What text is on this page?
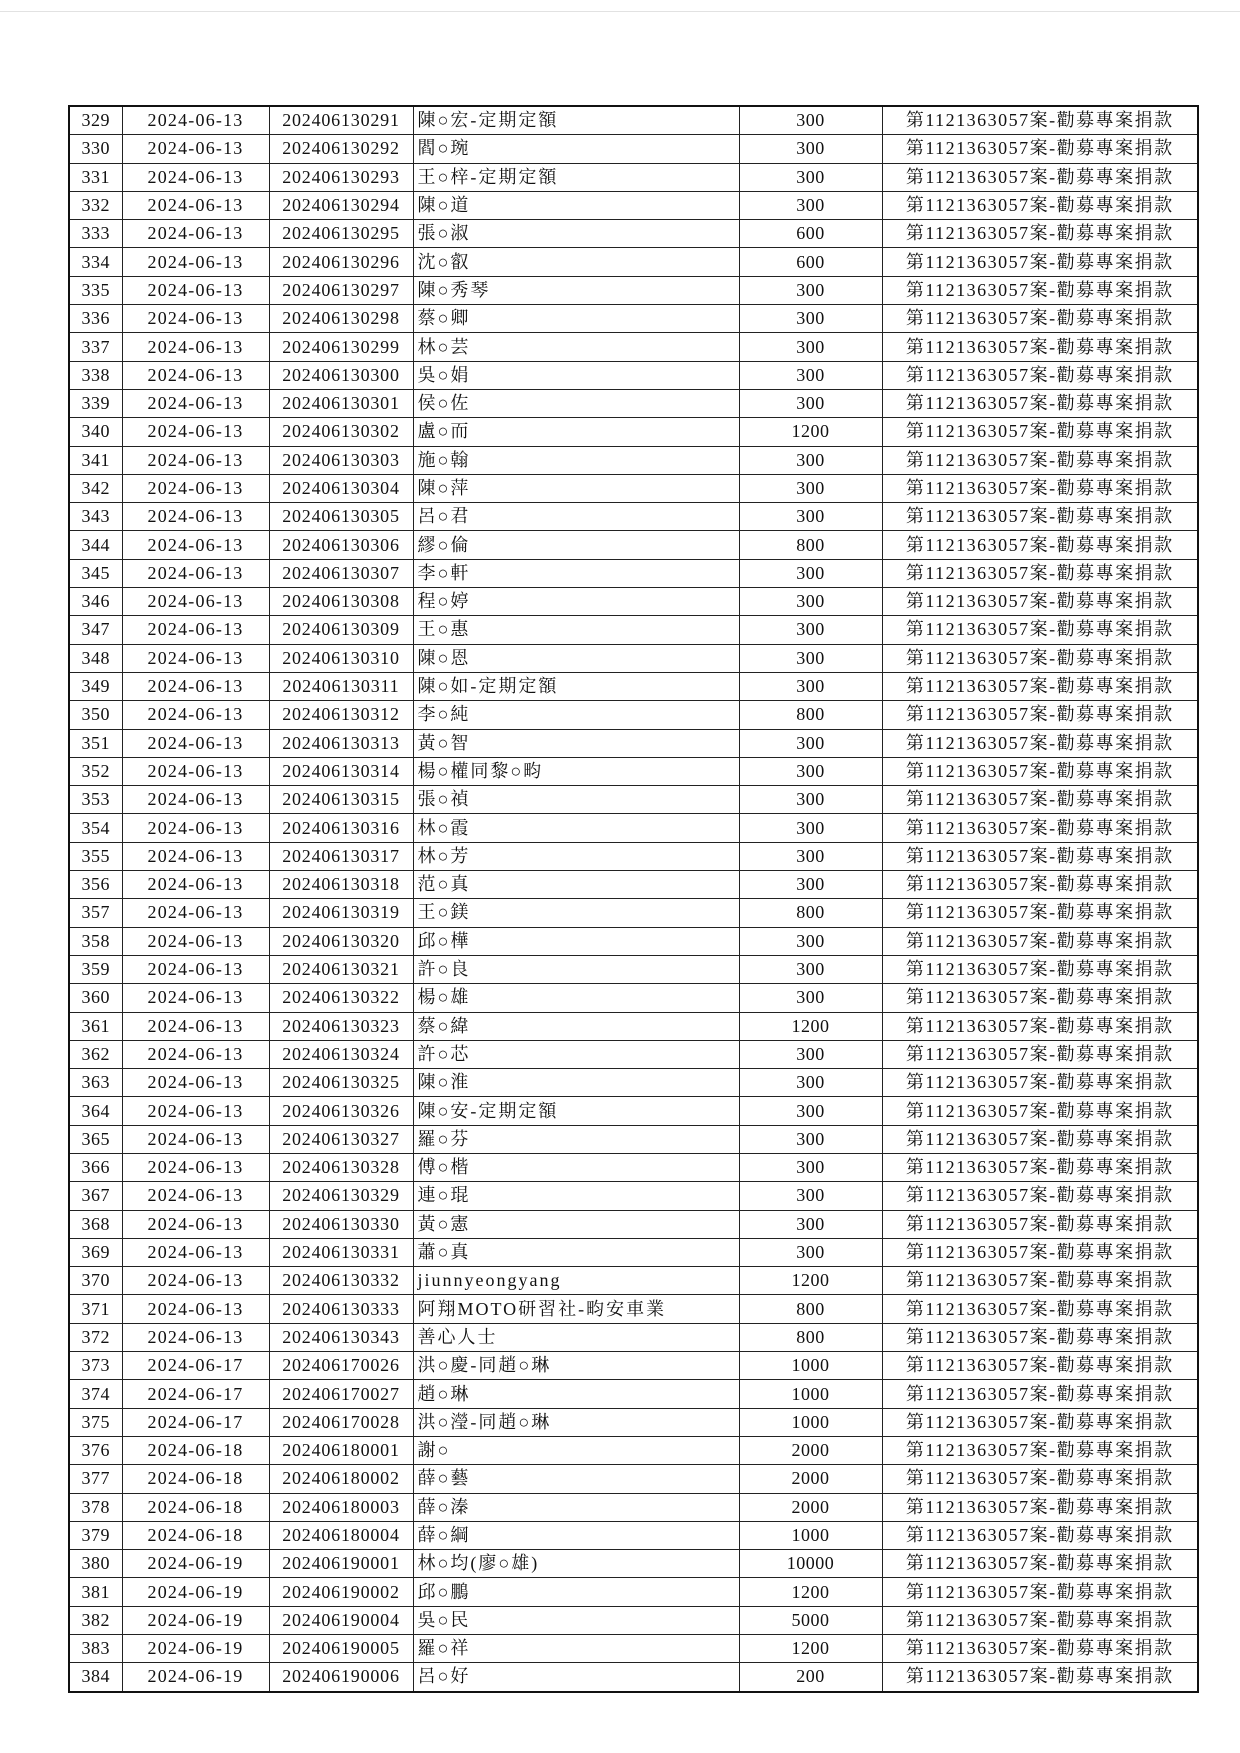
329	2024-06-13	202406130291	陳○宏-定期定額	300	第1121363057案-勸募專案捐款
330	2024-06-13	202406130292	閻○琬	300	第1121363057案-勸募專案捐款
331	2024-06-13	202406130293	王○梓-定期定額	300	第1121363057案-勸募專案捐款
332	2024-06-13	202406130294	陳○道	300	第1121363057案-勸募專案捐款
333	2024-06-13	202406130295	張○淑	600	第1121363057案-勸募專案捐款
334	2024-06-13	202406130296	沈○叡	600	第1121363057案-勸募專案捐款
335	2024-06-13	202406130297	陳○秀琴	300	第1121363057案-勸募專案捐款
336	2024-06-13	202406130298	蔡○卿	300	第1121363057案-勸募專案捐款
337	2024-06-13	202406130299	林○芸	300	第1121363057案-勸募專案捐款
338	2024-06-13	202406130300	吳○娟	300	第1121363057案-勸募專案捐款
339	2024-06-13	202406130301	侯○佐	300	第1121363057案-勸募專案捐款
340	2024-06-13	202406130302	盧○而	1200	第1121363057案-勸募專案捐款
341	2024-06-13	202406130303	施○翰	300	第1121363057案-勸募專案捐款
342	2024-06-13	202406130304	陳○萍	300	第1121363057案-勸募專案捐款
343	2024-06-13	202406130305	呂○君	300	第1121363057案-勸募專案捐款
344	2024-06-13	202406130306	繆○倫	800	第1121363057案-勸募專案捐款
345	2024-06-13	202406130307	李○軒	300	第1121363057案-勸募專案捐款
346	2024-06-13	202406130308	程○婷	300	第1121363057案-勸募專案捐款
347	2024-06-13	202406130309	王○惠	300	第1121363057案-勸募專案捐款
348	2024-06-13	202406130310	陳○恩	300	第1121363057案-勸募專案捐款
349	2024-06-13	202406130311	陳○如-定期定額	300	第1121363057案-勸募專案捐款
350	2024-06-13	202406130312	李○純	800	第1121363057案-勸募專案捐款
351	2024-06-13	202406130313	黃○智	300	第1121363057案-勸募專案捐款
352	2024-06-13	202406130314	楊○權同黎○畇	300	第1121363057案-勸募專案捐款
353	2024-06-13	202406130315	張○禎	300	第1121363057案-勸募專案捐款
354	2024-06-13	202406130316	林○霞	300	第1121363057案-勸募專案捐款
355	2024-06-13	202406130317	林○芳	300	第1121363057案-勸募專案捐款
356	2024-06-13	202406130318	范○真	300	第1121363057案-勸募專案捐款
357	2024-06-13	202406130319	王○鎂	800	第1121363057案-勸募專案捐款
358	2024-06-13	202406130320	邱○樺	300	第1121363057案-勸募專案捐款
359	2024-06-13	202406130321	許○良	300	第1121363057案-勸募專案捐款
360	2024-06-13	202406130322	楊○雄	300	第1121363057案-勸募專案捐款
361	2024-06-13	202406130323	蔡○緯	1200	第1121363057案-勸募專案捐款
362	2024-06-13	202406130324	許○芯	300	第1121363057案-勸募專案捐款
363	2024-06-13	202406130325	陳○淮	300	第1121363057案-勸募專案捐款
364	2024-06-13	202406130326	陳○安-定期定額	300	第1121363057案-勸募專案捐款
365	2024-06-13	202406130327	羅○芬	300	第1121363057案-勸募專案捐款
366	2024-06-13	202406130328	傅○楷	300	第1121363057案-勸募專案捐款
367	2024-06-13	202406130329	連○琨	300	第1121363057案-勸募專案捐款
368	2024-06-13	202406130330	黃○憲	300	第1121363057案-勸募專案捐款
369	2024-06-13	202406130331	蕭○真	300	第1121363057案-勸募專案捐款
370	2024-06-13	202406130332	jiunnyeongyang	1200	第1121363057案-勸募專案捐款
371	2024-06-13	202406130333	阿翔MOTO研習社-畇安車業	800	第1121363057案-勸募專案捐款
372	2024-06-13	202406130343	善心人士	800	第1121363057案-勸募專案捐款
373	2024-06-17	202406170026	洪○慶-同趙○琳	1000	第1121363057案-勸募專案捐款
374	2024-06-17	202406170027	趙○琳	1000	第1121363057案-勸募專案捐款
375	2024-06-17	202406170028	洪○瀅-同趙○琳	1000	第1121363057案-勸募專案捐款
376	2024-06-18	202406180001	謝○	2000	第1121363057案-勸募專案捐款
377	2024-06-18	202406180002	薛○藝	2000	第1121363057案-勸募專案捐款
378	2024-06-18	202406180003	薛○溱	2000	第1121363057案-勸募專案捐款
379	2024-06-18	202406180004	薛○綱	1000	第1121363057案-勸募專案捐款
380	2024-06-19	202406190001	林○均(廖○雄)	10000	第1121363057案-勸募專案捐款
381	2024-06-19	202406190002	邱○鵬	1200	第1121363057案-勸募專案捐款
382	2024-06-19	202406190004	吳○民	5000	第1121363057案-勸募專案捐款
383	2024-06-19	202406190005	羅○祥	1200	第1121363057案-勸募專案捐款
384	2024-06-19	202406190006	呂○好	200	第1121363057案-勸募專案捐款
